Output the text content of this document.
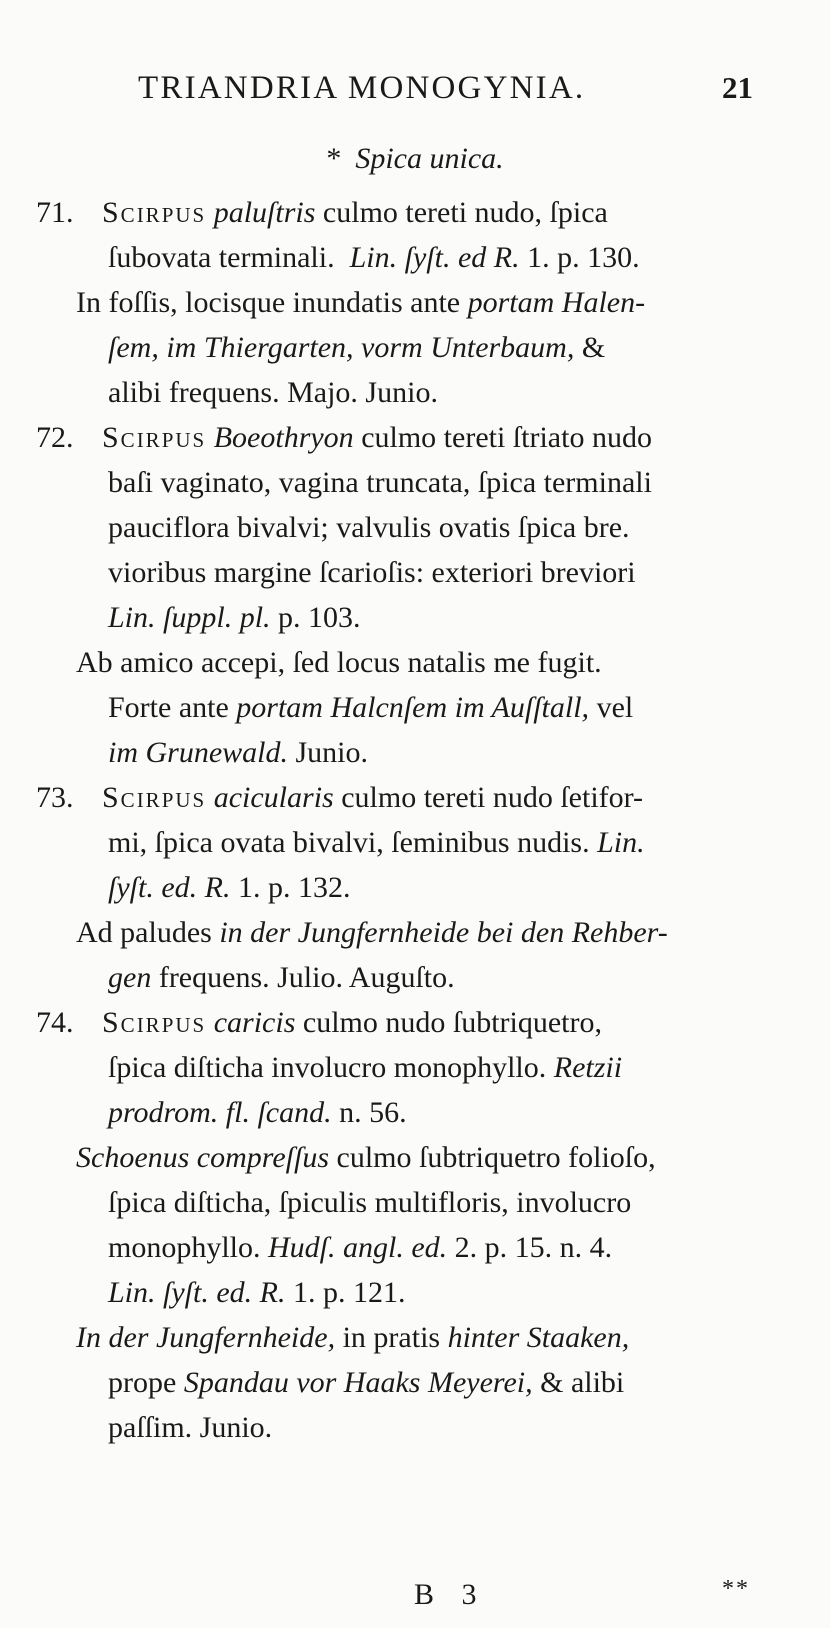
TRIANDRIA MONOGYNIA.	21
* Spica unica.
71. Scirpus paluſtris culmo tereti nudo, ſpica
ſubovata terminali. Lin. ſyſt. ed R. 1. p. 130.
In foſſis, locisque inundatis ante portam Halen-
ſem, im Thiergarten, vorm Unterbaum, &
alibi frequens. Majo. Junio.
72. Scirpus Boeothryon culmo tereti ſtriato nudo
baſi vaginato, vagina truncata, ſpica terminali
pauciflora bivalvi; valvulis ovatis ſpica bre.
vioribus margine ſcarioſis: exteriori breviori
Lin. ſuppl. pl. p. 103.
Ab amico accepi, ſed locus natalis me fugit.
Forte ante portam Halcnſem im Auſſtall, vel
im Grunewald. Junio.
73. Scirpus acicularis culmo tereti nudo ſetifor-
mi, ſpica ovata bivalvi, ſeminibus nudis. Lin.
ſyſt. ed. R. 1. p. 132.
Ad paludes in der Jungfernheide bei den Rehber-
gen frequens. Julio. Auguſto.
74. Scirpus caricis culmo nudo ſubtriquetro,
ſpica diſticha involucro monophyllo. Retzii
prodrom. fl. ſcand. n. 56.
Schoenus compreſſus culmo ſubtriquetro folioſo,
ſpica diſticha, ſpiculis multifloris, involucro
monophyllo. Hudſ. angl. ed. 2. p. 15. n. 4.
Lin. ſyſt. ed. R. 1. p. 121.
In der Jungfernheide, in pratis hinter Staaken,
prope Spandau vor Haaks Meyerei, & alibi
paſſim. Junio.
B 3	**
